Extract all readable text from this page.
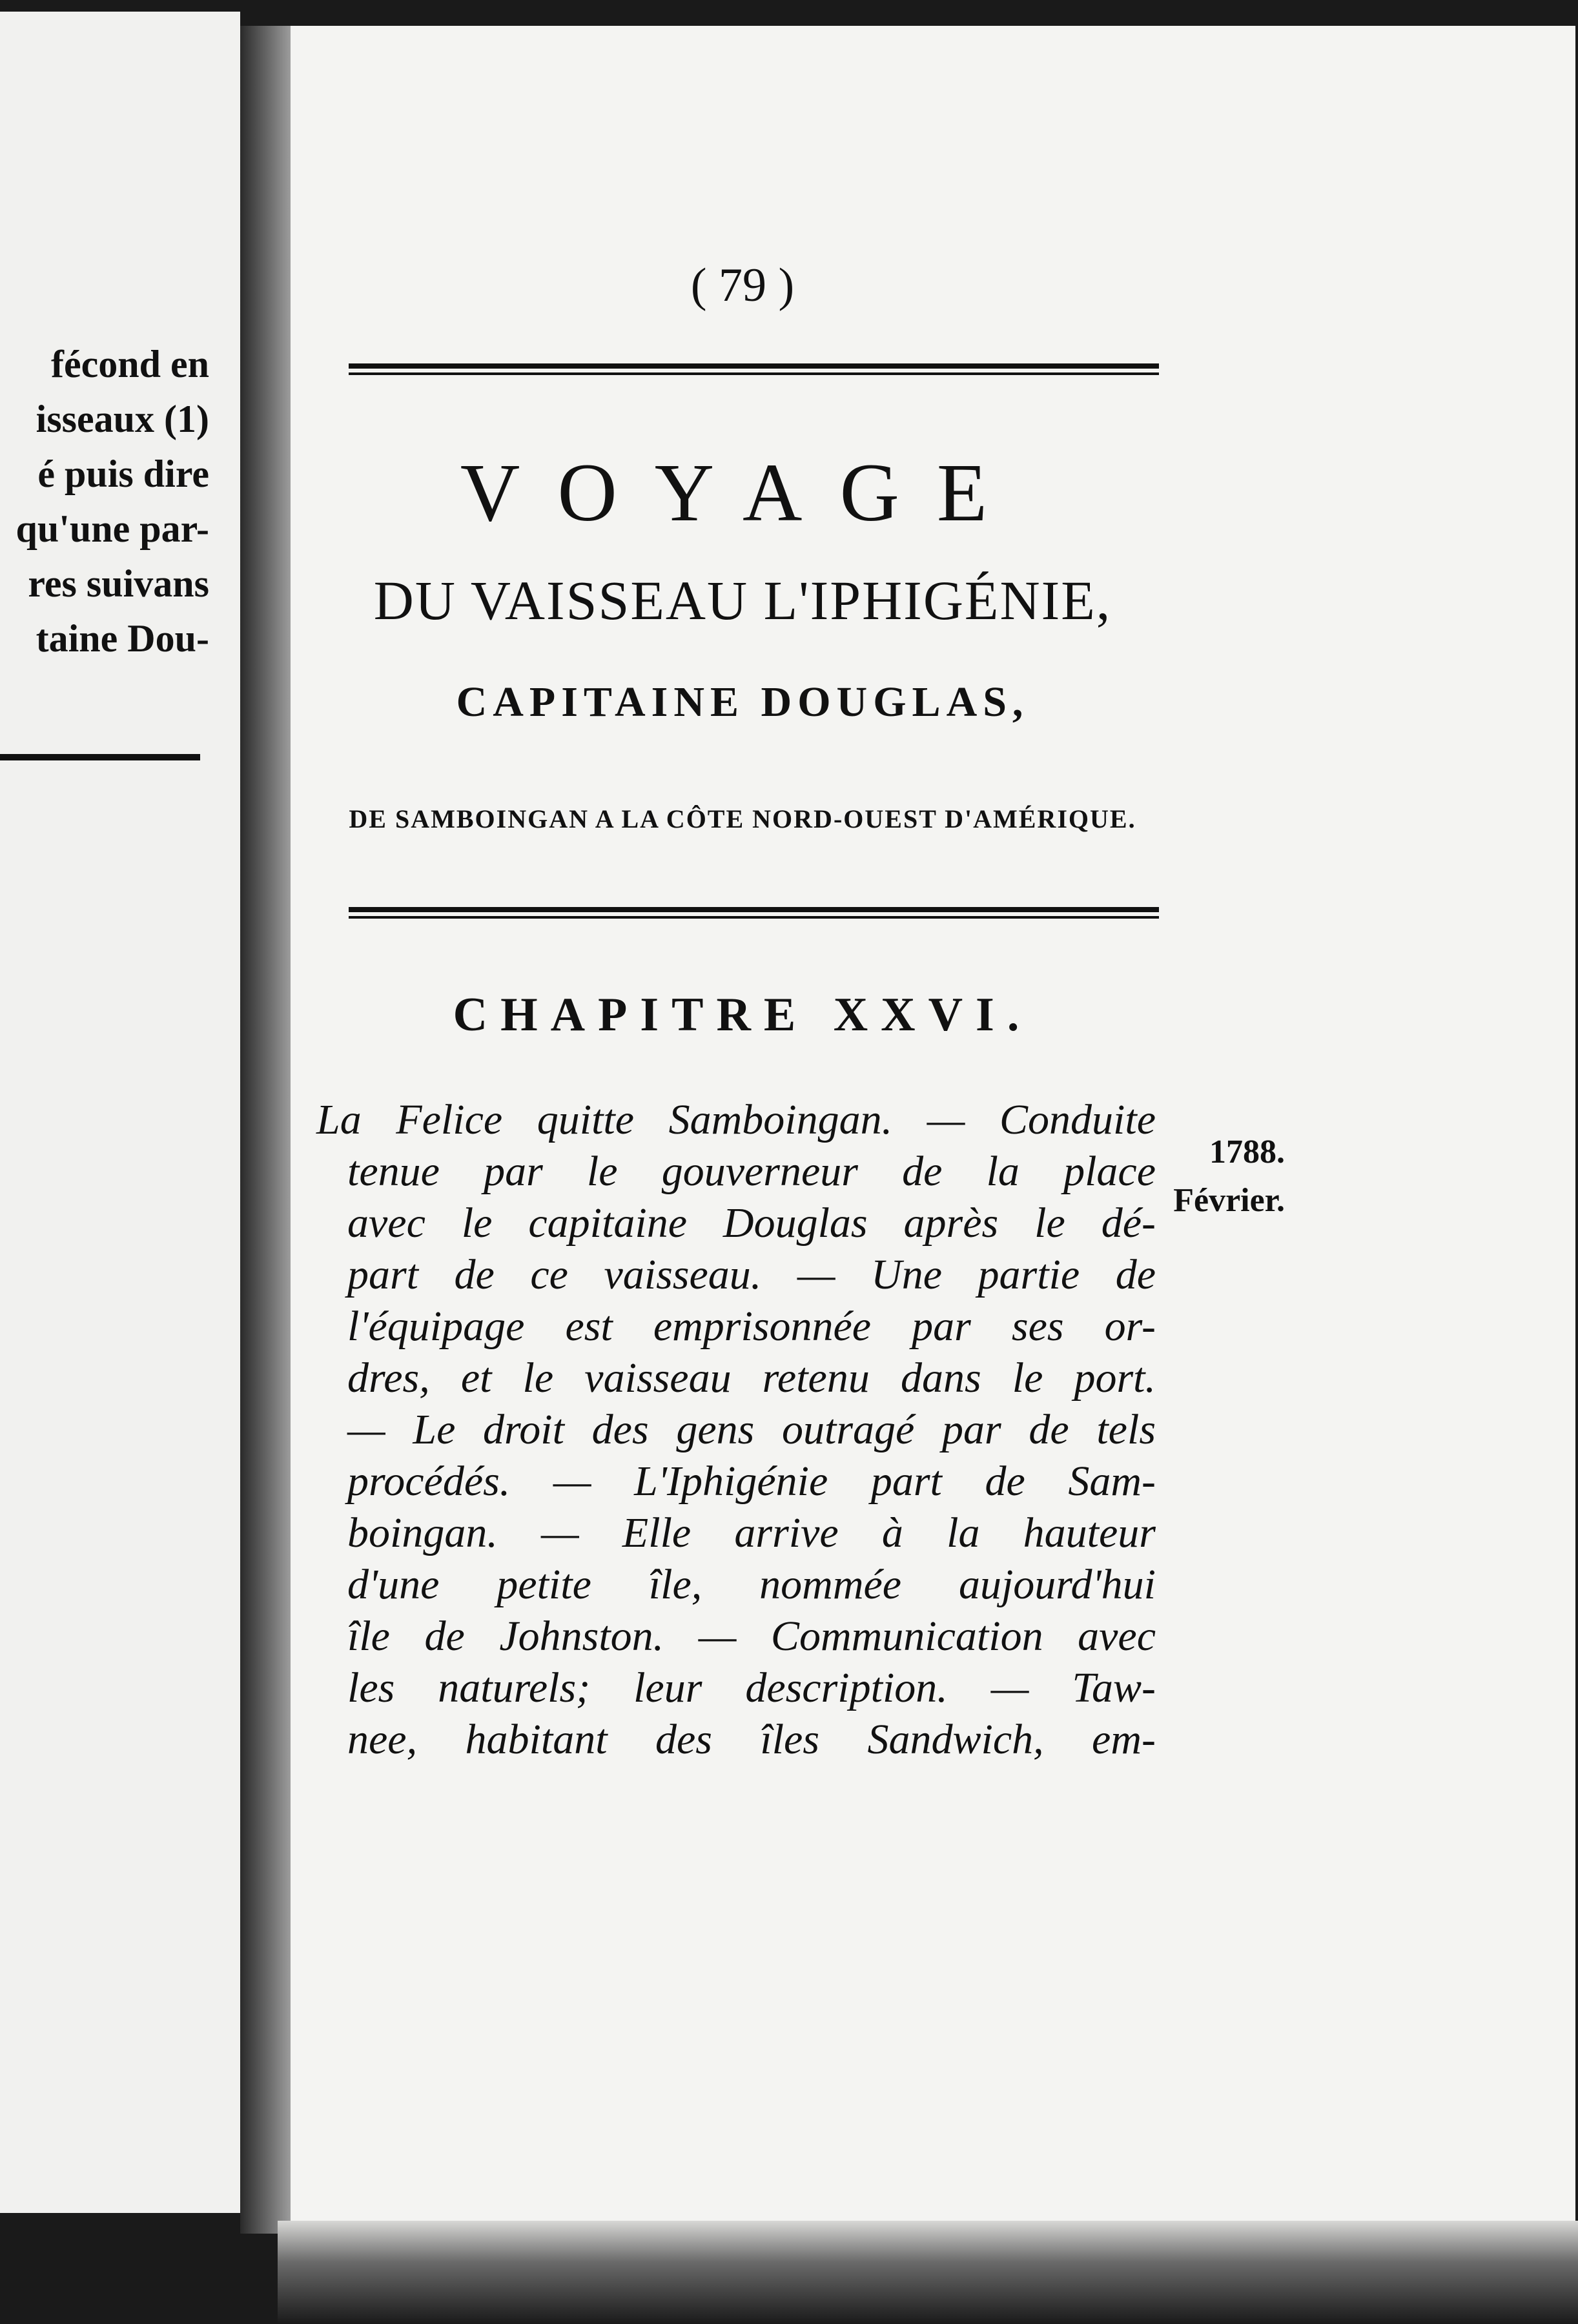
fécond en
isseaux (1)
é puis dire
qu'une par-
res suivans
taine Dou-
( 79 )
VOYAGE
DU VAISSEAU L'IPHIGÉNIE,
CAPITAINE DOUGLAS,
DE SAMBOINGAN A LA CÔTE NORD-OUEST D'AMÉRIQUE.
CHAPITRE XXVI.
La Felice quitte Samboingan. — Conduite
tenue par le gouverneur de la place
avec le capitaine Douglas après le dé-
part de ce vaisseau. — Une partie de
l'équipage est emprisonnée par ses or-
dres, et le vaisseau retenu dans le port.
— Le droit des gens outragé par de tels
procédés. — L'Iphigénie part de Sam-
boingan. — Elle arrive à la hauteur
d'une petite île, nommée aujourd'hui
île de Johnston. — Communication avec
les naturels; leur description. — Taw-
nee, habitant des îles Sandwich, em-
1788.
Février.
